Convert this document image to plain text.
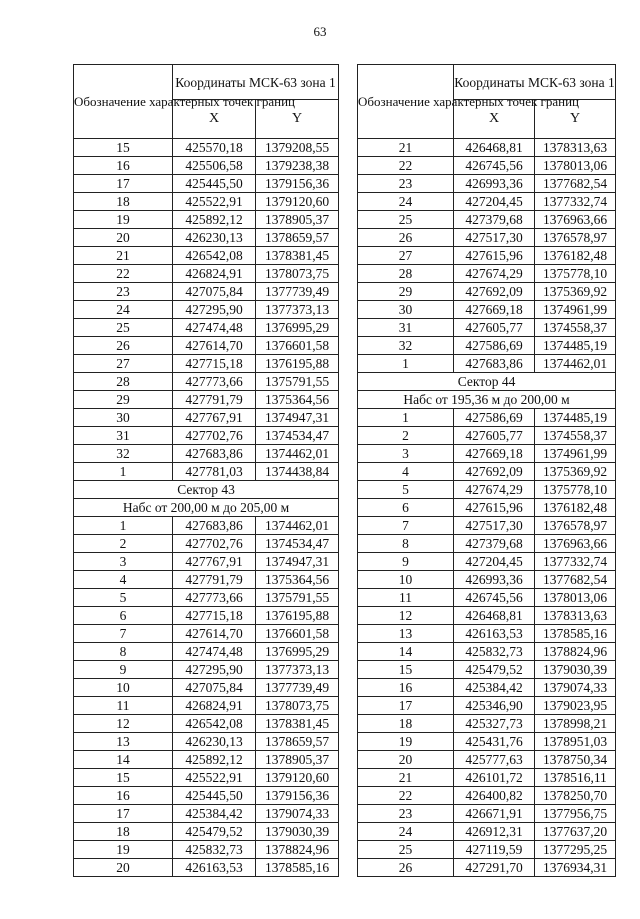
63
Обозначение характерных точек границ	Координаты МСК-63 зона 1	
	X	Y
15	425570,18	1379208,55
16	425506,58	1379238,38
17	425445,50	1379156,36
18	425522,91	1379120,60
19	425892,12	1378905,37
20	426230,13	1378659,57
21	426542,08	1378381,45
22	426824,91	1378073,75
23	427075,84	1377739,49
24	427295,90	1377373,13
25	427474,48	1376995,29
26	427614,70	1376601,58
27	427715,18	1376195,88
28	427773,66	1375791,55
29	427791,79	1375364,56
30	427767,91	1374947,31
31	427702,76	1374534,47
32	427683,86	1374462,01
1	427781,03	1374438,84
Сектор 43		
Набс от 200,00 м до 205,00 м		
1	427683,86	1374462,01
2	427702,76	1374534,47
3	427767,91	1374947,31
4	427791,79	1375364,56
5	427773,66	1375791,55
6	427715,18	1376195,88
7	427614,70	1376601,58
8	427474,48	1376995,29
9	427295,90	1377373,13
10	427075,84	1377739,49
11	426824,91	1378073,75
12	426542,08	1378381,45
13	426230,13	1378659,57
14	425892,12	1378905,37
15	425522,91	1379120,60
16	425445,50	1379156,36
17	425384,42	1379074,33
18	425479,52	1379030,39
19	425832,73	1378824,96
20	426163,53	1378585,16
Обозначение характерных точек границ	Координаты МСК-63 зона 1	
	X	Y
21	426468,81	1378313,63
22	426745,56	1378013,06
23	426993,36	1377682,54
24	427204,45	1377332,74
25	427379,68	1376963,66
26	427517,30	1376578,97
27	427615,96	1376182,48
28	427674,29	1375778,10
29	427692,09	1375369,92
30	427669,18	1374961,99
31	427605,77	1374558,37
32	427586,69	1374485,19
1	427683,86	1374462,01
Сектор 44		
Набс от 195,36 м до 200,00 м		
1	427586,69	1374485,19
2	427605,77	1374558,37
3	427669,18	1374961,99
4	427692,09	1375369,92
5	427674,29	1375778,10
6	427615,96	1376182,48
7	427517,30	1376578,97
8	427379,68	1376963,66
9	427204,45	1377332,74
10	426993,36	1377682,54
11	426745,56	1378013,06
12	426468,81	1378313,63
13	426163,53	1378585,16
14	425832,73	1378824,96
15	425479,52	1379030,39
16	425384,42	1379074,33
17	425346,90	1379023,95
18	425327,73	1378998,21
19	425431,76	1378951,03
20	425777,63	1378750,34
21	426101,72	1378516,11
22	426400,82	1378250,70
23	426671,91	1377956,75
24	426912,31	1377637,20
25	427119,59	1377295,25
26	427291,70	1376934,31
